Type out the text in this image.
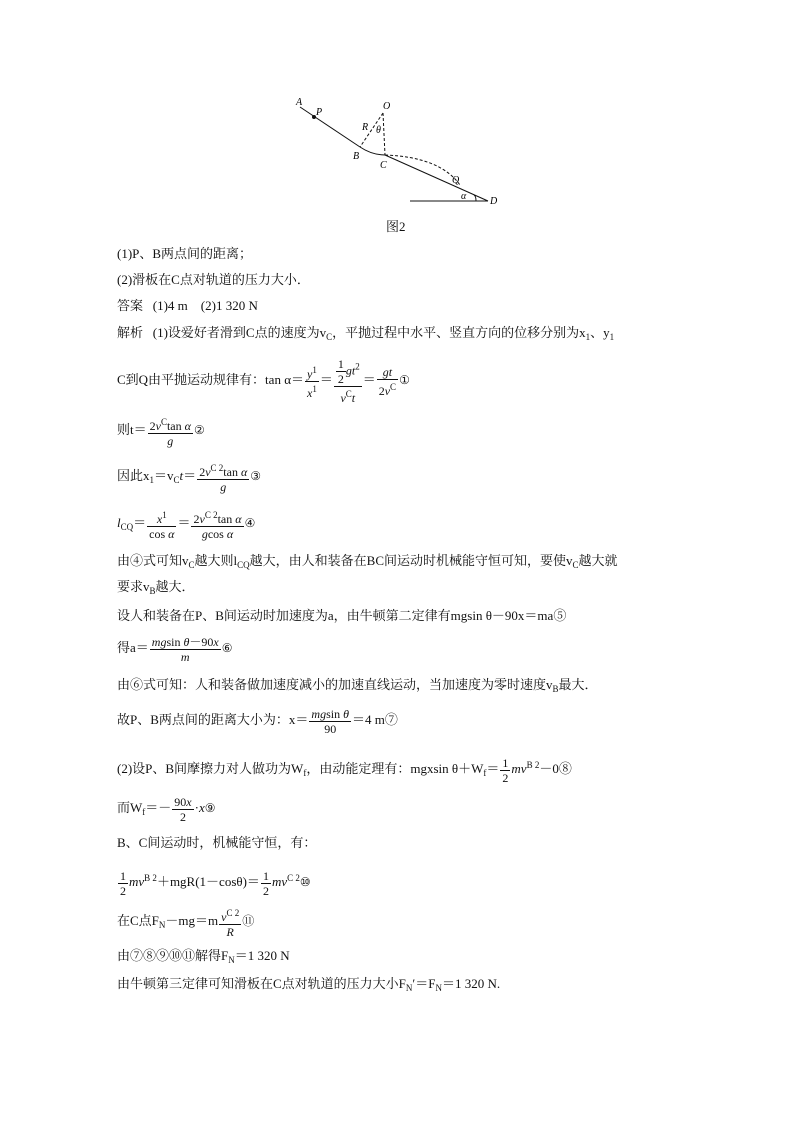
A
P
O
R θ
B
C
Q
α D
图2
(1)P、B两点间的距离；
(2)滑板在C点对轨道的压力大小．
答案 (1)4 m　(2)1 320 N
解析 (1)设爱好者滑到C点的速度为$v_C$，平抛过程中水平、竖直方向的位移分别为$x_1$、$y_1$
C到Q由平抛运动规律有：$\tan \alpha= \frac{y^1}{x^1} = \frac{\frac{1}{2} gt^2}{v^Ct} = \frac{gt}{2v^C}$ ①
则$t= \frac{2v^C\tan \alpha}{g}$ ②
因此$x_1=v_Ct= \frac{2v^{C 2}\tan \alpha}{g}$ ③
$l_{CQ}= \frac{x^1}{\text{cos α}} = \frac{2v^{C 2}\tan \alpha}{\text{gcos α}}$ ④
由④式可知$v_C$越大则$l_{CQ}$越大，由人和装备在BC间运动时机械能守恒可知，要使$v_C$越大就
要求$v_B$越大．
设人和装备在P、B间运动时加速度为a，由牛顿第二定律有mgsin θ－90x＝ma⑤
得$a= \frac{\text{mgsin θ－90x}}{m}$ ⑥
由⑥式可知：人和装备做加速度减小的加速直线运动，当加速度为零时速度$v_B$最大．
故P、B两点间的距离大小为：$x= \frac{\text{mgsin θ}}{90} =4$ m⑦
(2)设P、B间摩擦力对人做功为$W_f$，由动能定理有：mgxsin $\theta+W_f= \frac{1}{2}$ $mv^{B 2}-0⑧$
而$W_f=- \frac{90x}{2}$ ·x⑨
B、C间运动时，机械能守恒，有：
$\frac{1}{2} mv^{B 2}+mgR(1-\cos\theta)= \frac{1}{2}$ $mv^{C 2}⑩$
在C点$F_N-mg=m \frac{v^{C 2}}{R}$ ⑪
由⑦⑧⑨⑩⑪解得$F_N=1$ 320 N
由牛顿第三定律可知滑板在C点对轨道的压力大小$F_N'=F_N=1$ 320 N.
